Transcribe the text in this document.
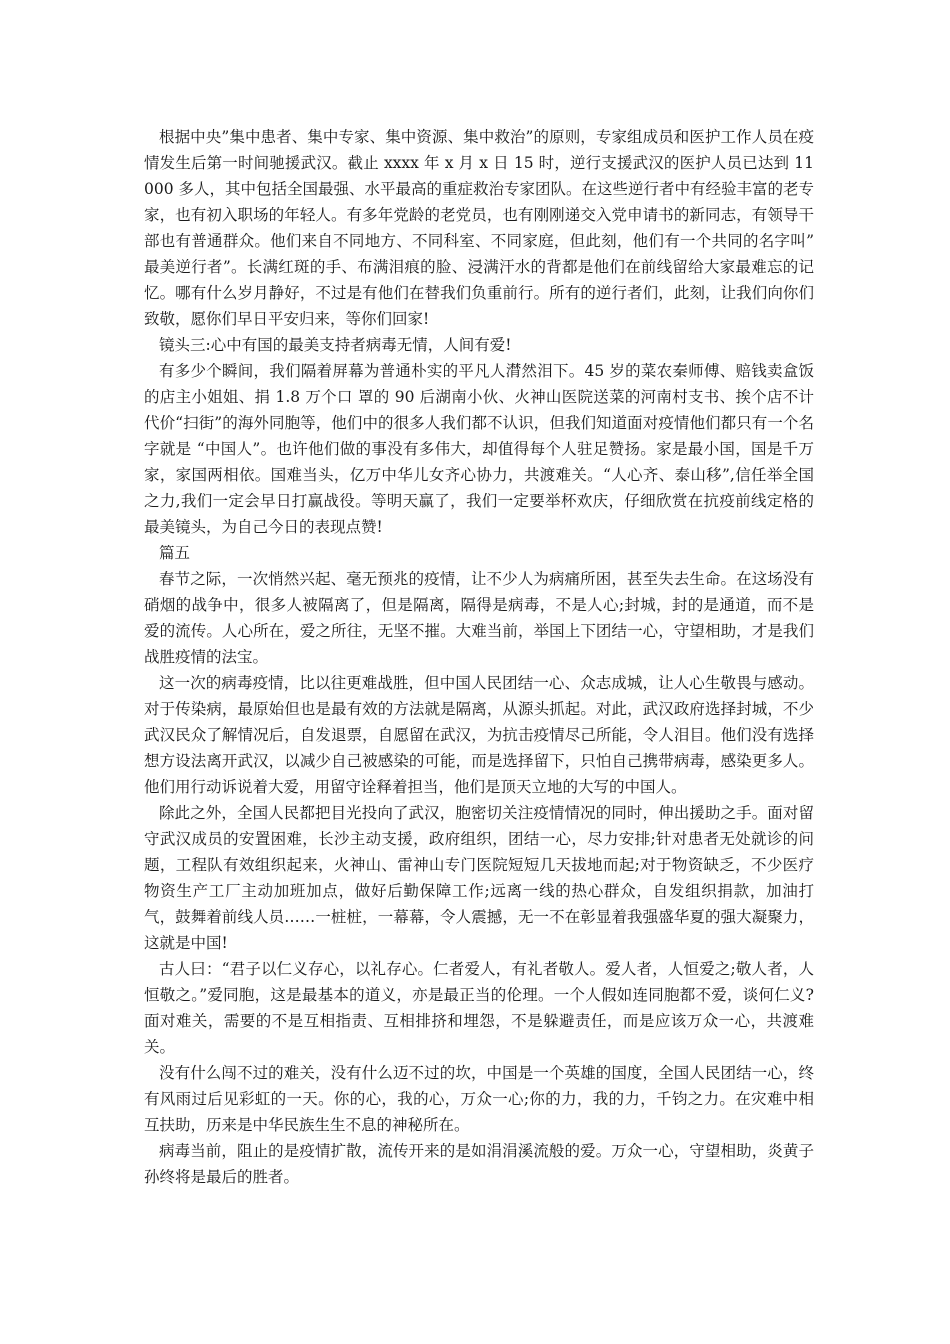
根据中央”集中患者、集中专家、集中资源、集中救治”的原则，专家组成员和医护工作人员在疫情发生后第一时间驰援武汉。截止 xxxx 年 x 月 x 日 15 时，逆行支援武汉的医护人员已达到 11000 多人，其中包括全国最强、水平最高的重症救治专家团队。在这些逆行者中有经验丰富的老专家，也有初入职场的年轻人。有多年党龄的老党员，也有刚刚递交入党申请书的新同志，有领导干部也有普通群众。他们来自不同地方、不同科室、不同家庭，但此刻，他们有一个共同的名字叫” 最美逆行者”。长满红斑的手、布满泪痕的脸、浸满汗水的背都是他们在前线留给大家最难忘的记忆。哪有什么岁月静好，不过是有他们在替我们负重前行。所有的逆行者们，此刻，让我们向你们致敬，愿你们早日平安归来，等你们回家!

镜头三:心中有国的最美支持者病毒无情，人间有爱!

有多少个瞬间，我们隔着屏幕为普通朴实的平凡人潸然泪下。45 岁的菜农秦师傅、赔钱卖盒饭的店主小姐姐、捐 1.8 万个口 罩的 90 后湖南小伙、火神山医院送菜的河南村支书、挨个店不计代价“扫街”的海外同胞等，他们中的很多人我们都不认识，但我们知道面对疫情他们都只有一个名字就是 “中国人”。也许他们做的事没有多伟大，却值得每个人驻足赞扬。家是最小国，国是千万家，家国两相依。国难当头，亿万中华儿女齐心协力，共渡难关。“人心齐、泰山移”,信任举全国之力,我们一定会早日打赢战役。等明天赢了，我们一定要举杯欢庆，仔细欣赏在抗疫前线定格的最美镜头，为自己今日的表现点赞!

篇五

春节之际，一次悄然兴起、毫无预兆的疫情，让不少人为病痛所困，甚至失去生命。在这场没有硝烟的战争中，很多人被隔离了，但是隔离，隔得是病毒，不是人心;封城，封的是通道，而不是爱的流传。人心所在，爱之所往，无坚不摧。大难当前，举国上下团结一心，守望相助，才是我们战胜疫情的法宝。

这一次的病毒疫情，比以往更难战胜，但中国人民团结一心、众志成城，让人心生敬畏与感动。对于传染病，最原始但也是最有效的方法就是隔离，从源头抓起。对此，武汉政府选择封城，不少武汉民众了解情况后，自发退票，自愿留在武汉，为抗击疫情尽己所能，令人泪目。他们没有选择想方设法离开武汉，以减少自己被感染的可能，而是选择留下，只怕自己携带病毒，感染更多人。他们用行动诉说着大爱，用留守诠释着担当，他们是顶天立地的大写的中国人。

除此之外，全国人民都把目光投向了武汉，胞密切关注疫情情况的同时，伸出援助之手。面对留守武汉成员的安置困难，长沙主动支援，政府组织，团结一心，尽力安排;针对患者无处就诊的问题，工程队有效组织起来，火神山、雷神山专门医院短短几天拔地而起;对于物资缺乏，不少医疗物资生产工厂主动加班加点，做好后勤保障工作;远离一线的热心群众，自发组织捐款，加油打气，鼓舞着前线人员……一桩桩，一幕幕，令人震撼，无一不在彰显着我强盛华夏的强大凝聚力，这就是中国!

古人曰：“君子以仁义存心，以礼存心。仁者爱人，有礼者敬人。爱人者，人恒爱之;敬人者，人恒敬之。”爱同胞，这是最基本的道义，亦是最正当的伦理。一个人假如连同胞都不爱，谈何仁义?面对难关，需要的不是互相指责、互相排挤和埋怨，不是躲避责任，而是应该万众一心，共渡难关。

没有什么闯不过的难关，没有什么迈不过的坎，中国是一个英雄的国度，全国人民团结一心，终有风雨过后见彩虹的一天。你的心，我的心，万众一心;你的力，我的力，千钧之力。在灾难中相互扶助，历来是中华民族生生不息的神秘所在。

病毒当前，阻止的是疫情扩散，流传开来的是如涓涓溪流般的爱。万众一心，守望相助，炎黄子孙终将是最后的胜者。
